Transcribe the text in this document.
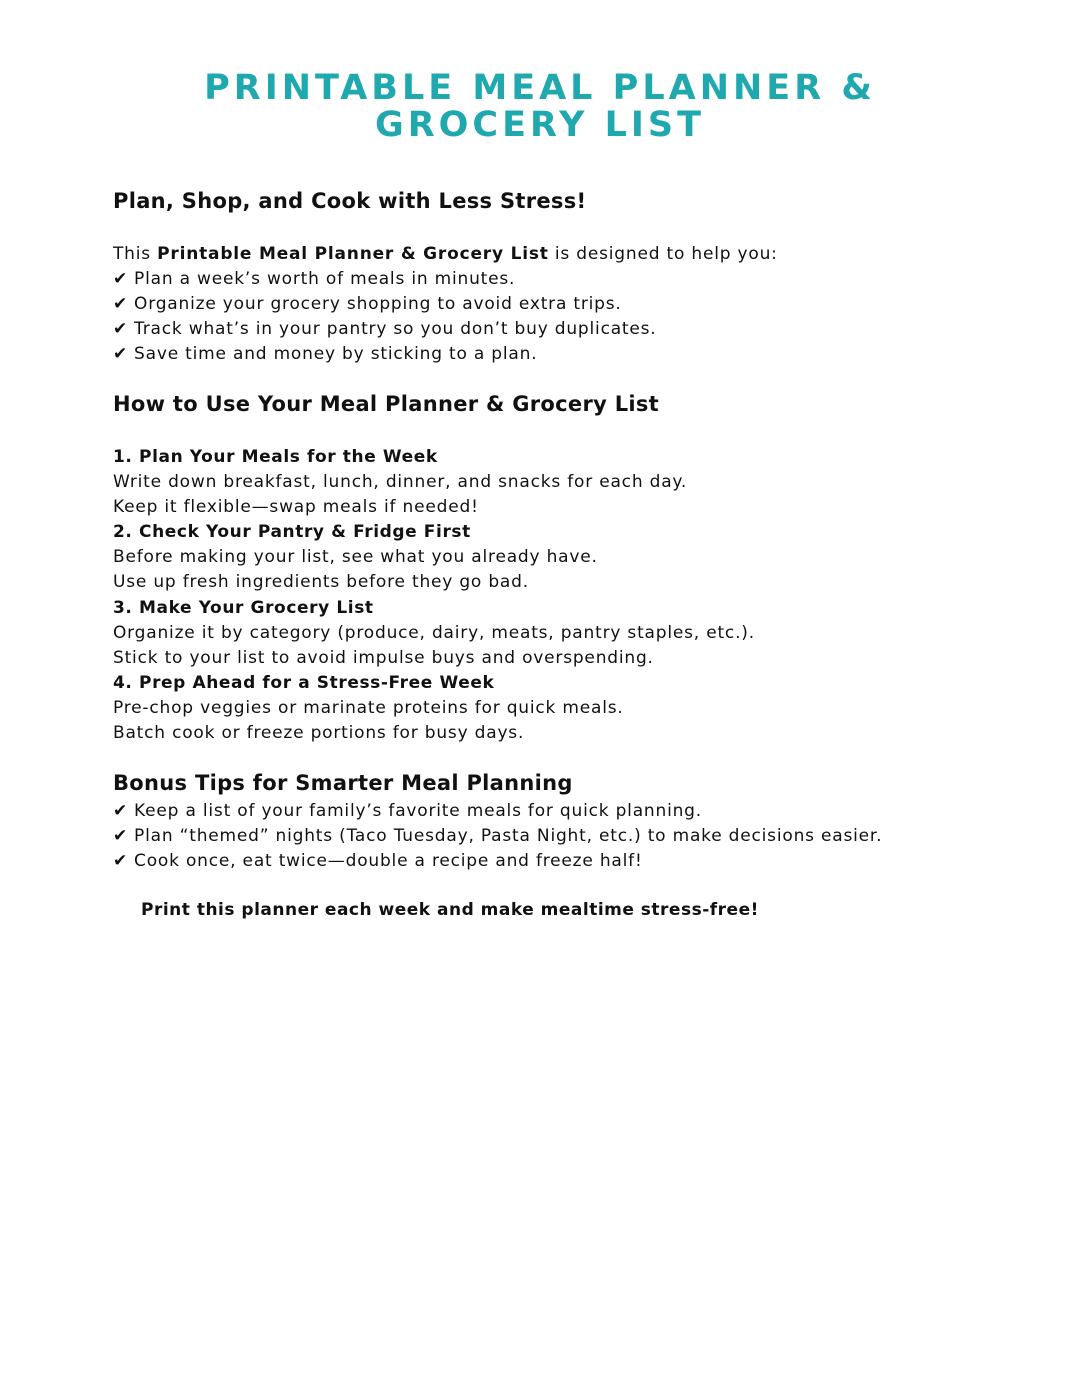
PRINTABLE MEAL PLANNER &
GROCERY LIST
Plan, Shop, and Cook with Less Stress!
This Printable Meal Planner & Grocery List is designed to help you:
✔ Plan a week’s worth of meals in minutes.
✔ Organize your grocery shopping to avoid extra trips.
✔ Track what’s in your pantry so you don’t buy duplicates.
✔ Save time and money by sticking to a plan.
How to Use Your Meal Planner & Grocery List
1. Plan Your Meals for the Week
Write down breakfast, lunch, dinner, and snacks for each day.
Keep it flexible—swap meals if needed!
2. Check Your Pantry & Fridge First
Before making your list, see what you already have.
Use up fresh ingredients before they go bad.
3. Make Your Grocery List
Organize it by category (produce, dairy, meats, pantry staples, etc.).
Stick to your list to avoid impulse buys and overspending.
4. Prep Ahead for a Stress-Free Week
Pre-chop veggies or marinate proteins for quick meals.
Batch cook or freeze portions for busy days.
Bonus Tips for Smarter Meal Planning
✔ Keep a list of your family’s favorite meals for quick planning.
✔ Plan “themed” nights (Taco Tuesday, Pasta Night, etc.) to make decisions easier.
✔ Cook once, eat twice—double a recipe and freeze half!
Print this planner each week and make mealtime stress-free!
